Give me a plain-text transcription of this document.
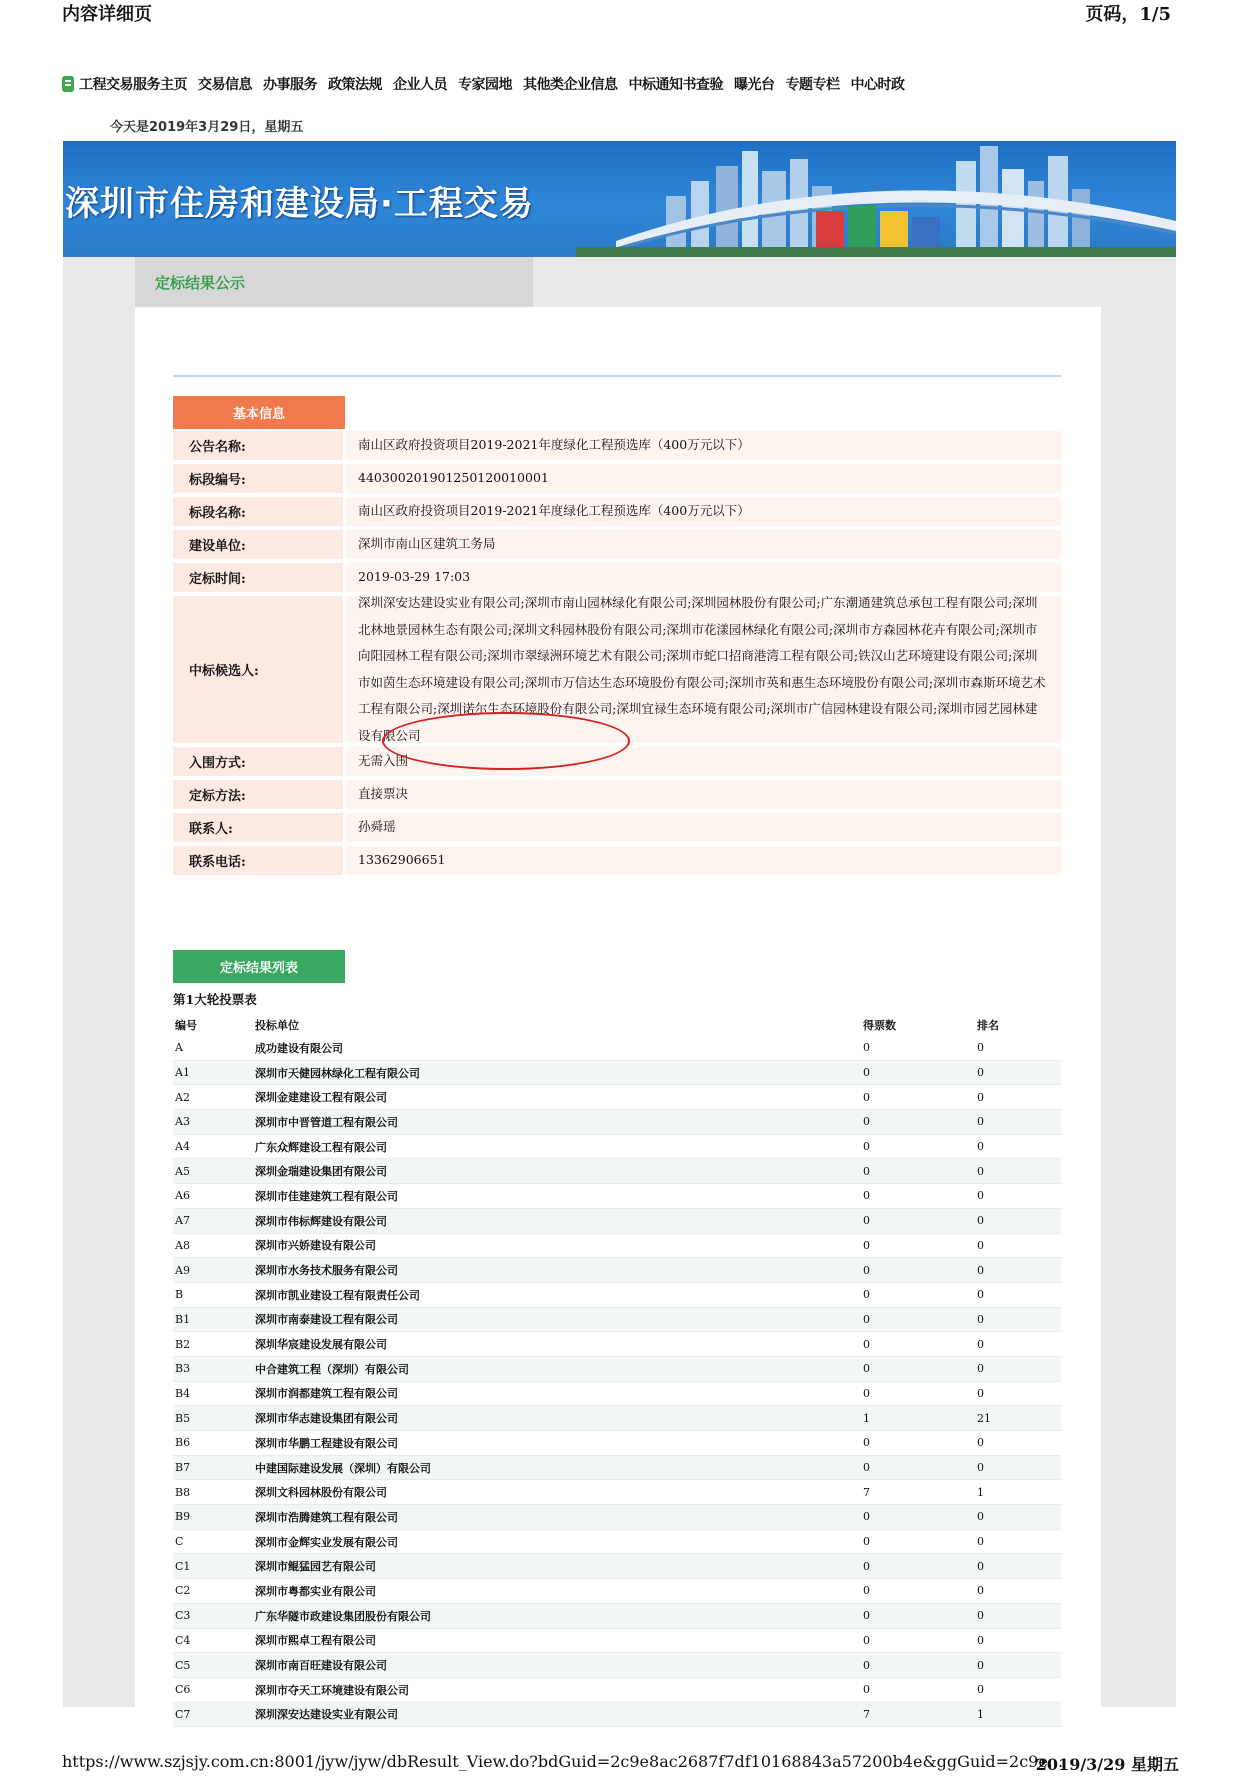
内容详细页	页码，1/5
工程交易服务主页 交易信息 办事服务 政策法规 企业人员 专家园地 其他类企业信息 中标通知书查验 曝光台 专题专栏 中心时政
今天是2019年3月29日，星期五
深圳市住房和建设局·工程交易
定标结果公示
基本信息
公告名称:	南山区政府投资项目2019-2021年度绿化工程预选库（400万元以下）
标段编号:	440300201901250120010001
标段名称:	南山区政府投资项目2019-2021年度绿化工程预选库（400万元以下）
建设单位:	深圳市南山区建筑工务局
定标时间:	2019-03-29 17:03
中标候选人:
深圳深安达建设实业有限公司;深圳市南山园林绿化有限公司;深圳园林股份有限公司;广东潮通建筑总承包工程有限公司;深圳北林地景园林生态有限公司;深圳文科园林股份有限公司;深圳市花漾园林绿化有限公司;深圳市方森园林花卉有限公司;深圳市向阳园林工程有限公司;深圳市翠绿洲环境艺术有限公司;深圳市蛇口招商港湾工程有限公司;铁汉山艺环境建设有限公司;深圳市如茵生态环境建设有限公司;深圳市万信达生态环境股份有限公司;深圳市英和惠生态环境股份有限公司;深圳市森斯环境艺术工程有限公司;深圳诺尔生态环境股份有限公司;深圳宜禄生态环境有限公司;深圳市广信园林建设有限公司;深圳市园艺园林建设有限公司
入围方式:	无需入围
定标方法:	直接票决
联系人:	孙舜瑶
联系电话:	13362906651
定标结果列表
第1大轮投票表
编号	投标单位	得票数	排名
A	成功建设有限公司	0	0
A1	深圳市天健园林绿化工程有限公司	0	0
A2	深圳金建建设工程有限公司	0	0
A3	深圳市中晋管道工程有限公司	0	0
A4	广东众辉建设工程有限公司	0	0
A5	深圳金瑞建设集团有限公司	0	0
A6	深圳市佳建建筑工程有限公司	0	0
A7	深圳市伟标辉建设有限公司	0	0
A8	深圳市兴娇建设有限公司	0	0
A9	深圳市水务技术服务有限公司	0	0
B	深圳市凯业建设工程有限责任公司	0	0
B1	深圳市南泰建设工程有限公司	0	0
B2	深圳华宸建设发展有限公司	0	0
B3	中合建筑工程（深圳）有限公司	0	0
B4	深圳市润都建筑工程有限公司	0	0
B5	深圳市华志建设集团有限公司	1	21
B6	深圳市华鹏工程建设有限公司	0	0
B7	中建国际建设发展（深圳）有限公司	0	0
B8	深圳文科园林股份有限公司	7	1
B9	深圳市浩腾建筑工程有限公司	0	0
C	深圳市金辉实业发展有限公司	0	0
C1	深圳市鲲猛园艺有限公司	0	0
C2	深圳市粤都实业有限公司	0	0
C3	广东华隧市政建设集团股份有限公司	0	0
C4	深圳市熙卓工程有限公司	0	0
C5	深圳市南百旺建设有限公司	0	0
C6	深圳市夺天工环境建设有限公司	0	0
C7	深圳深安达建设实业有限公司	7	1
https://www.szjsjy.com.cn:8001/jyw/jyw/dbResult_View.do?bdGuid=2c9e8ac2687f7df10168843a57200b4e&ggGuid=2c9e...
2019/3/29 星期五
